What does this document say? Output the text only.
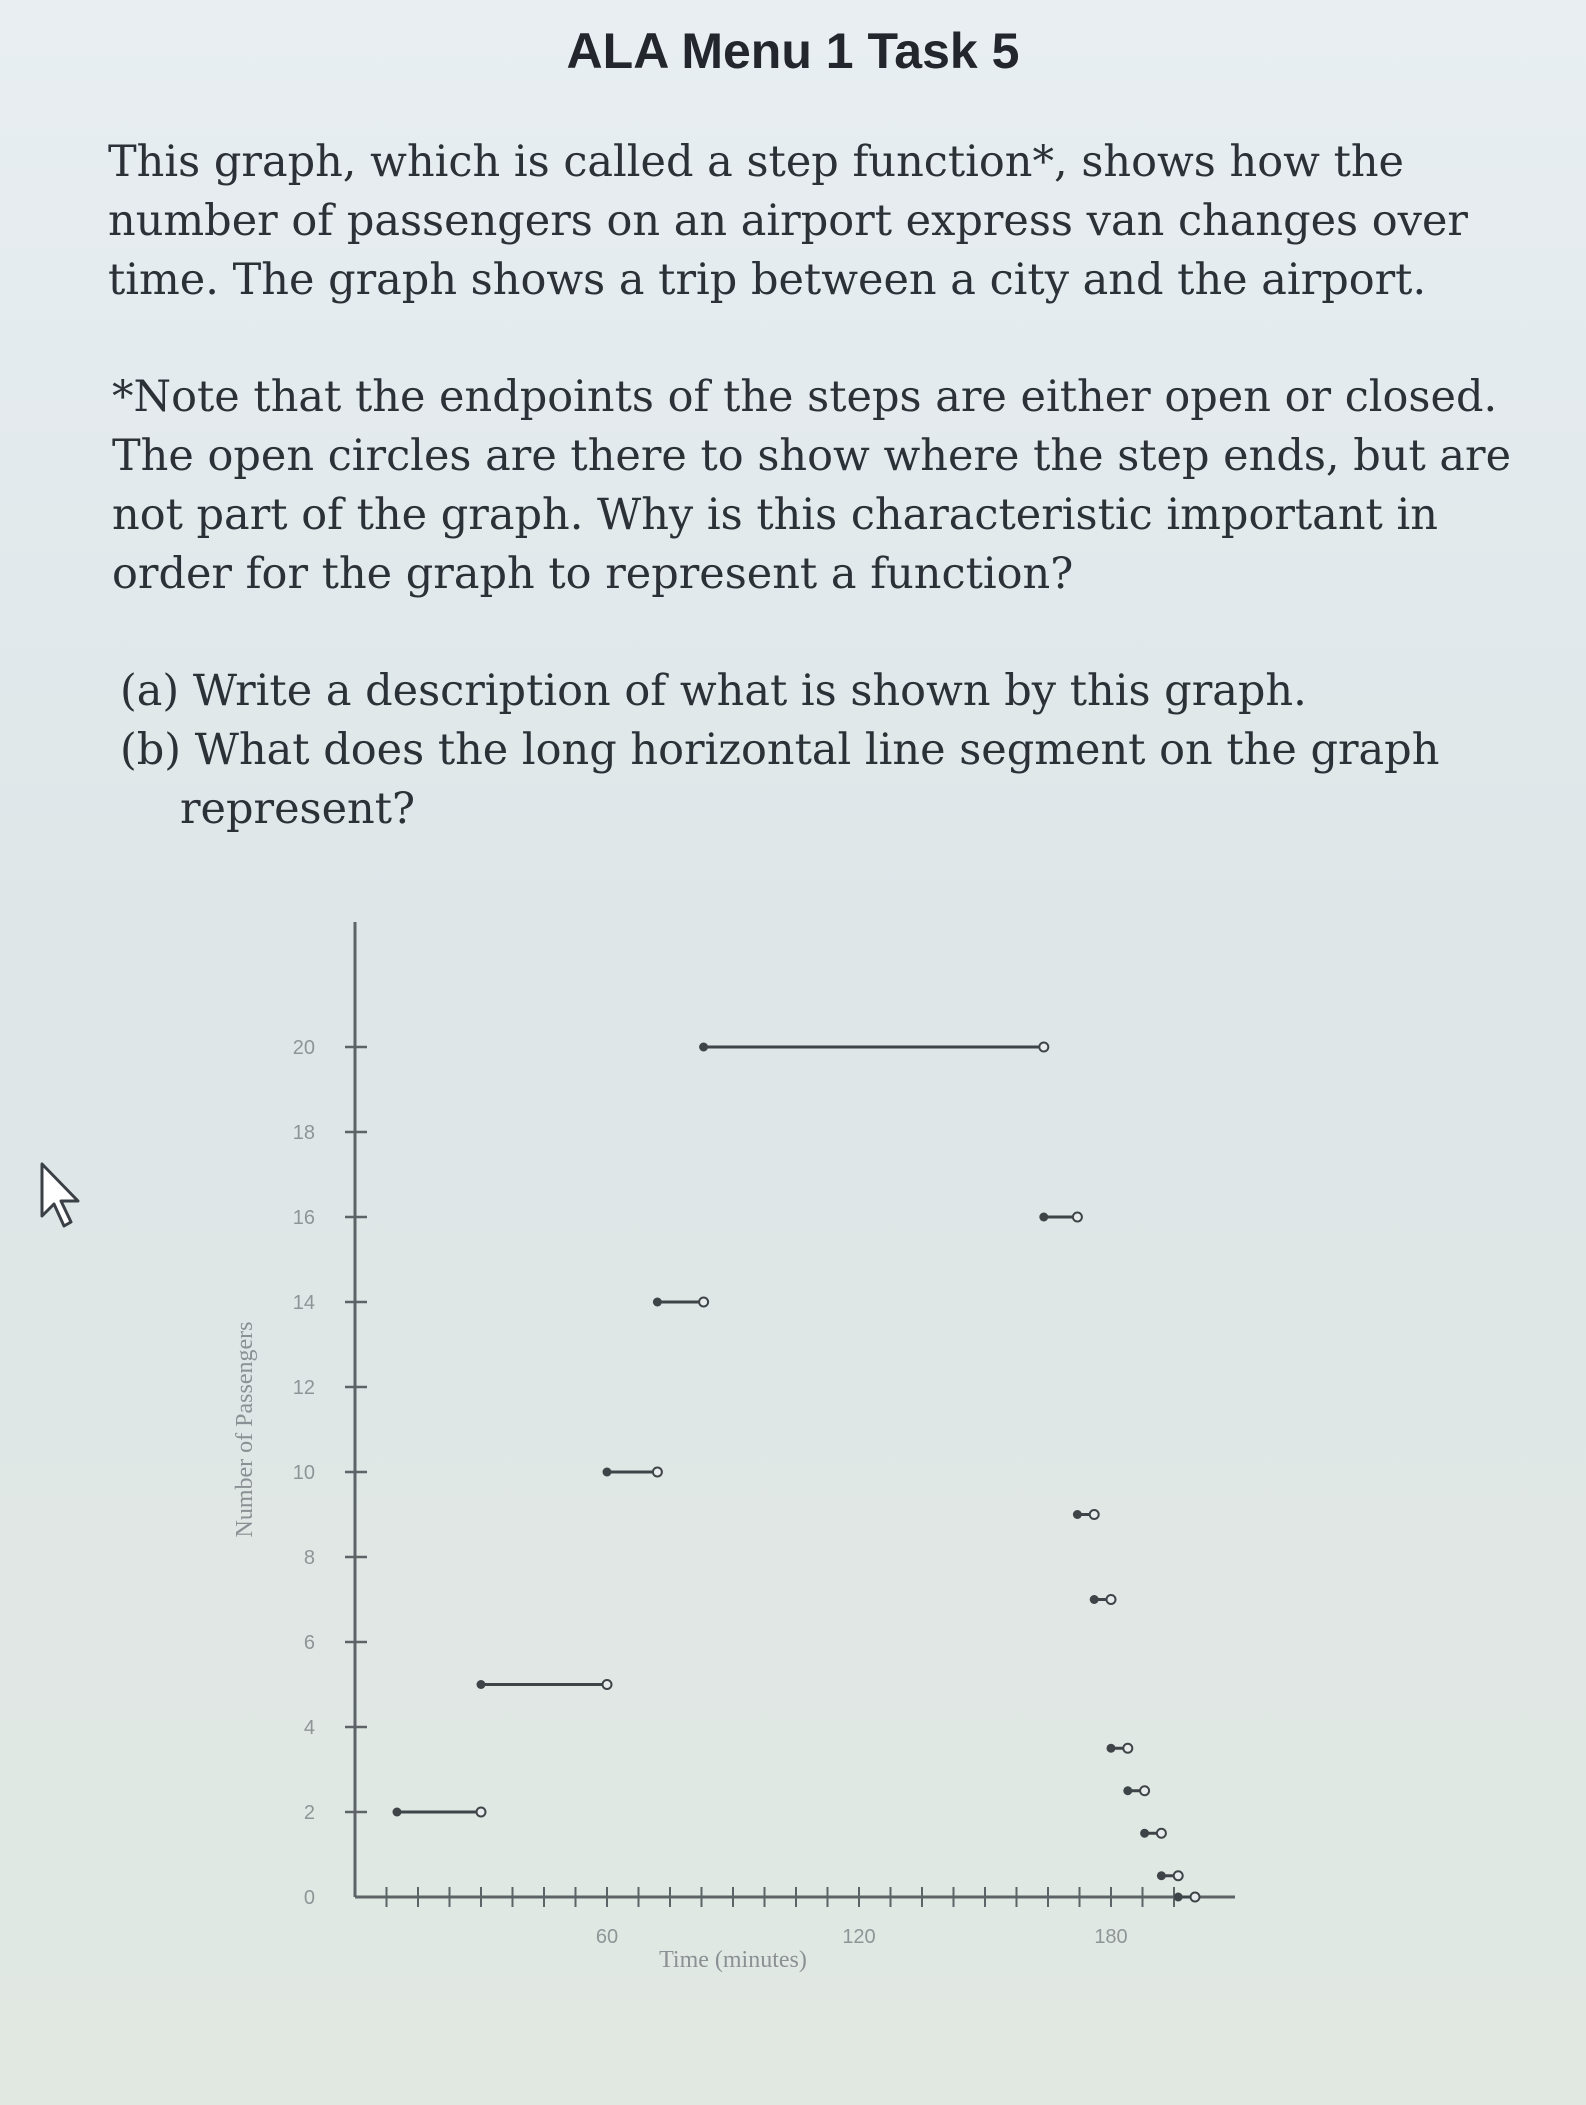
ALA Menu 1 Task 5
This graph, which is called a step function*, shows how the
number of passengers on an airport express van changes over
time. The graph shows a trip between a city and the airport.
*Note that the endpoints of the steps are either open or closed.
The open circles are there to show where the step ends, but are
not part of the graph. Why is this characteristic important in
order for the graph to represent a function?
(a) Write a description of what is shown by this graph.
(b) What does the long horizontal line segment on the graph
represent?
0
2
4
6
8
10
12
14
16
18
20
60	120	180
Time (minutes)
Number of Passengers
